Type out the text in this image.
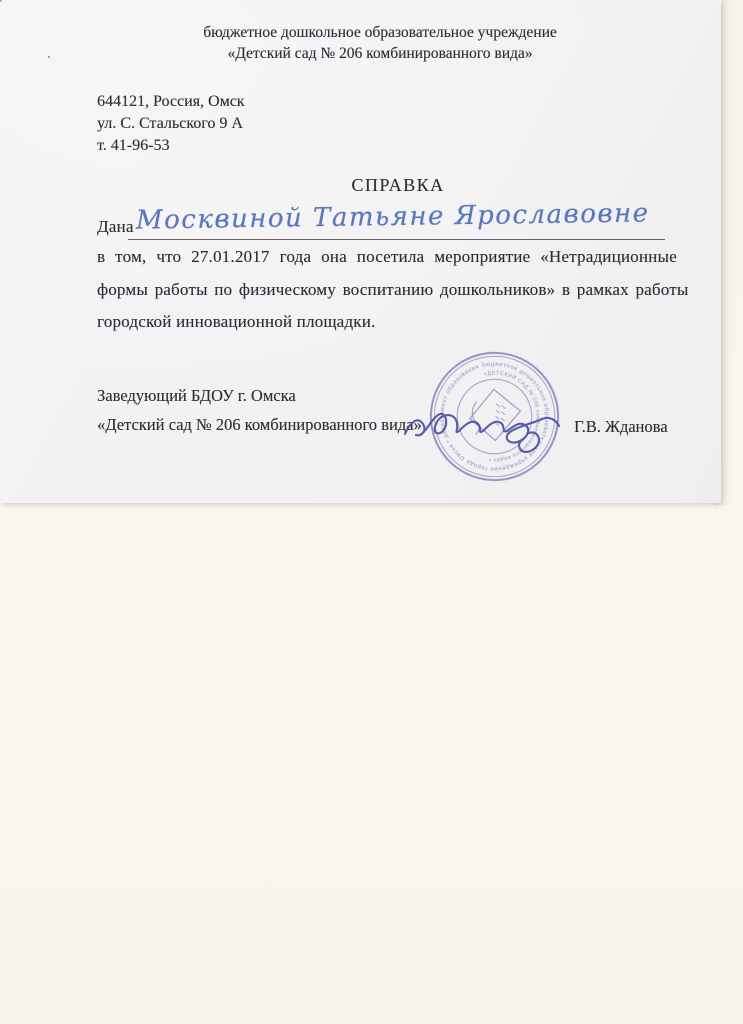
бюджетное дошкольное образовательное учреждение
«Детский сад № 206 комбинированного вида»
644121, Россия, Омск
ул. С. Стальского 9 А
т. 41-96-53
СПРАВКА
Дана Москвиной Татьяне Ярославовне
в том, что 27.01.2017 года она посетила мероприятие «Нетрадиционные
формы работы по физическому воспитанию дошкольников» в рамках работы
городской инновационной площадки.
Заведующий БДОУ г. Омска
«Детский сад № 206 комбинированного вида»	Г.В. Жданова
бюджетное дошкольное образовательное учреждение города Омска • департамент образования •
«ДЕТСКИЙ САД № 206 комбинированного вида» •
